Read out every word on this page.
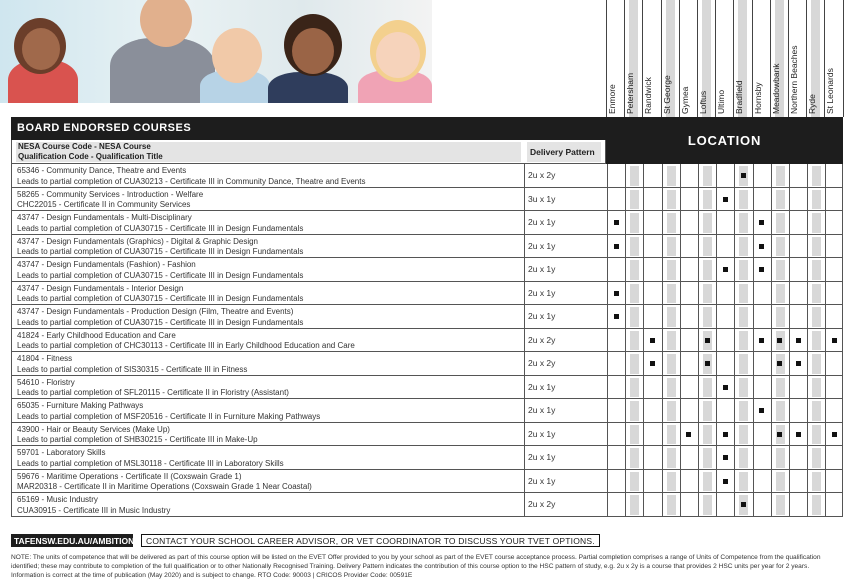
Enmore Petersham Randwick St George Gymea Loftus Ultimo Bradfield Hornsby Meadowbank Northern Beaches Ryde St Leonards
BOARD ENDORSED COURSES
LOCATION
NESA Course Code - NESA Course
Qualification Code - Qualification Title	Delivery Pattern
65346 - Community Dance, Theatre and Events
Leads to partial completion of CUA30213 - Certificate III in Community Dance, Theatre and Events
2u x 2y
58265 - Community Services - Introduction - Welfare
CHC22015 - Certificate II in Community Services
3u x 1y
43747 - Design Fundamentals - Multi-Disciplinary
Leads to partial completion of CUA30715 - Certificate III in Design Fundamentals
2u x 1y
43747 - Design Fundamentals (Graphics) - Digital & Graphic Design
Leads to partial completion of CUA30715 - Certificate III in Design Fundamentals
2u x 1y
43747 - Design Fundamentals (Fashion) - Fashion
Leads to partial completion of CUA30715 - Certificate III in Design Fundamentals
2u x 1y
43747 - Design Fundamentals - Interior Design
Leads to partial completion of CUA30715 - Certificate III in Design Fundamentals
2u x 1y
43747 - Design Fundamentals - Production Design (Film, Theatre and Events)
Leads to partial completion of CUA30715 - Certificate III in Design Fundamentals
2u x 1y
41824 - Early Childhood Education and Care
Leads to partial completion of CHC30113 - Certificate III in Early Childhood Education and Care
2u x 2y
41804 - Fitness
Leads to partial completion of SIS30315 - Certificate III in Fitness
2u x 2y
54610 - Floristry
Leads to partial completion of SFL20115 - Certificate II in Floristry (Assistant)
2u x 1y
65035 - Furniture Making Pathways
Leads to partial completion of MSF20516 - Certificate II in Furniture Making Pathways
2u x 1y
43900 - Hair or Beauty Services (Make Up)
Leads to partial completion of SHB30215 - Certificate III in Make-Up
2u x 1y
59701 - Laboratory Skills
Leads to partial completion of MSL30118 - Certificate III in Laboratory Skills
2u x 1y
59676 - Maritime Operations - Certificate II (Coxswain Grade 1)
MAR20318 - Certificate II in Maritime Operations (Coxswain Grade 1 Near Coastal)
2u x 1y
65169 - Music Industry
CUA30915 - Certificate III in Music Industry
2u x 2y
TAFENSW.EDU.AU/AMBITION	CONTACT YOUR SCHOOL CAREER ADVISOR, OR VET COORDINATOR TO DISCUSS YOUR TVET OPTIONS.
NOTE: The units of competence that will be delivered as part of this course option will be listed on the EVET Offer provided to you by your school as part of the EVET course acceptance process. Partial completion comprises a range of Units of Competence from the qualification identified; these may contribute to completion of the full qualification or to other Nationally Recognised Training. Delivery Pattern indicates the contribution of this course option to the HSC pattern of study, e.g. 2u x 2y is a course that provides 2 HSC units per year for 2 years. Information is correct at the time of publication (May 2020) and is subject to change. RTO Code: 90003 | CRICOS Provider Code: 00591E
